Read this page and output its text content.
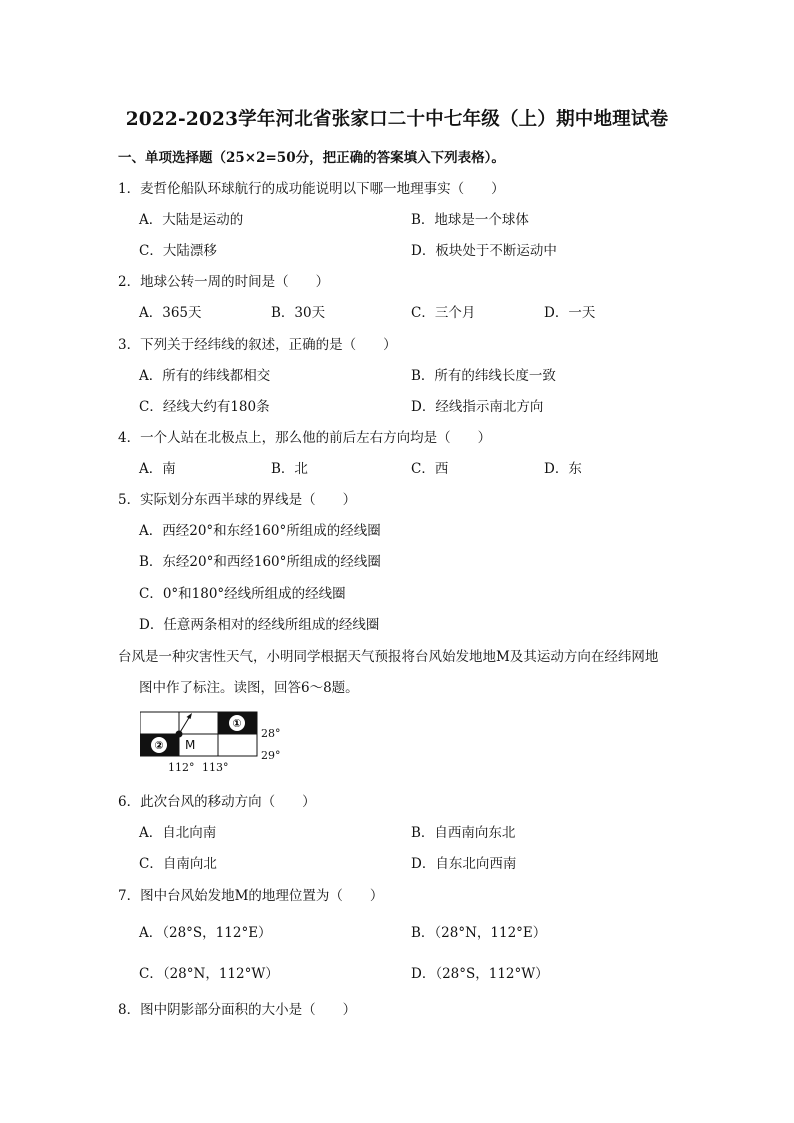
2022-2023学年河北省张家口二十中七年级（上）期中地理试卷
一、单项选择题（25×2=50分，把正确的答案填入下列表格）。
1．麦哲伦船队环球航行的成功能说明以下哪一地理事实（　　）
A．大陆是运动的	B．地球是一个球体
C．大陆漂移	D．板块处于不断运动中
2．地球公转一周的时间是（　　）
A．365天	B．30天	C．三个月	D．一天
3．下列关于经纬线的叙述，正确的是（　　）
A．所有的纬线都相交	B．所有的纬线长度一致
C．经线大约有180条	D．经线指示南北方向
4．一个人站在北极点上，那么他的前后左右方向均是（　　）
A．南	B．北	C．西	D．东
5．实际划分东西半球的界线是（　　）
A．西经20°和东经160°所组成的经线圈
B．东经20°和西经160°所组成的经线圈
C．0°和180°经线所组成的经线圈
D．任意两条相对的经线所组成的经线圈
台风是一种灾害性天气，小明同学根据天气预报将台风始发地地M及其运动方向在经纬网地
图中作了标注。读图，回答6～8题。
①
② M
28°
29°
112° 113°
6．此次台风的移动方向（　　）
A．自北向南	B．自西南向东北
C．自南向北	D．自东北向西南
7．图中台风始发地M的地理位置为（　　）
A．（28°S，112°E）	B．（28°N，112°E）
C．（28°N，112°W）	D．（28°S，112°W）
8．图中阴影部分面积的大小是（　　）
